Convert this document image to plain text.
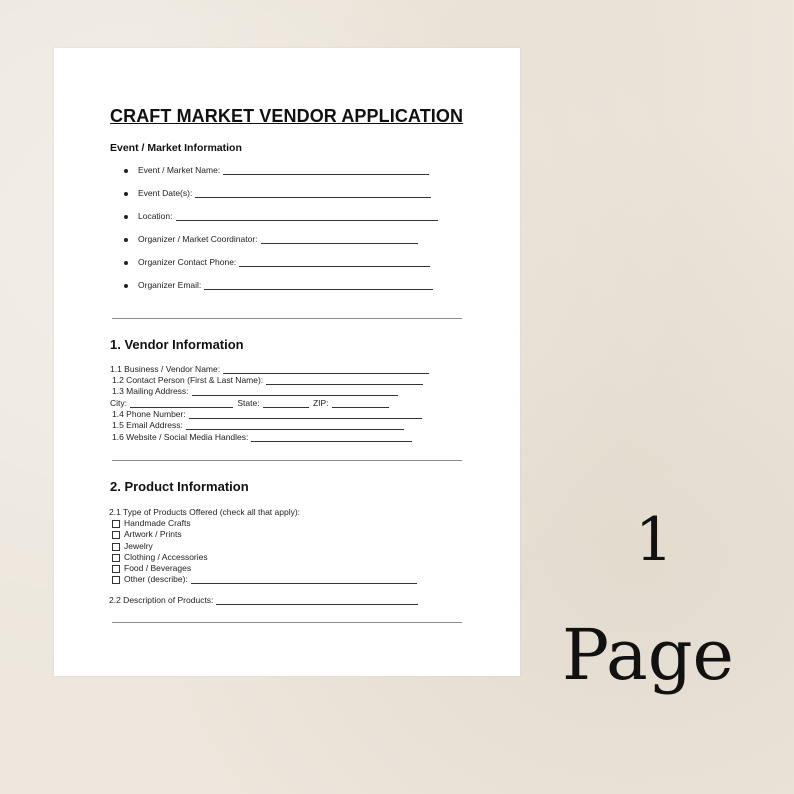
CRAFT MARKET VENDOR APPLICATION
Event / Market Information
Event / Market Name:
Event Date(s):
Location:
Organizer / Market Coordinator:
Organizer Contact Phone:
Organizer Email:
1. Vendor Information
1.1 Business / Vendor Name:
1.2 Contact Person (First & Last Name):
1.3 Mailing Address:
City:	State:	ZIP:
1.4 Phone Number:
1.5 Email Address:
1.6 Website / Social Media Handles:
2. Product Information
2.1 Type of Products Offered (check all that apply):
Handmade Crafts
Artwork / Prints
Jewelry
Clothing / Accessories
Food / Beverages
Other (describe):
2.2 Description of Products:
1
Page
